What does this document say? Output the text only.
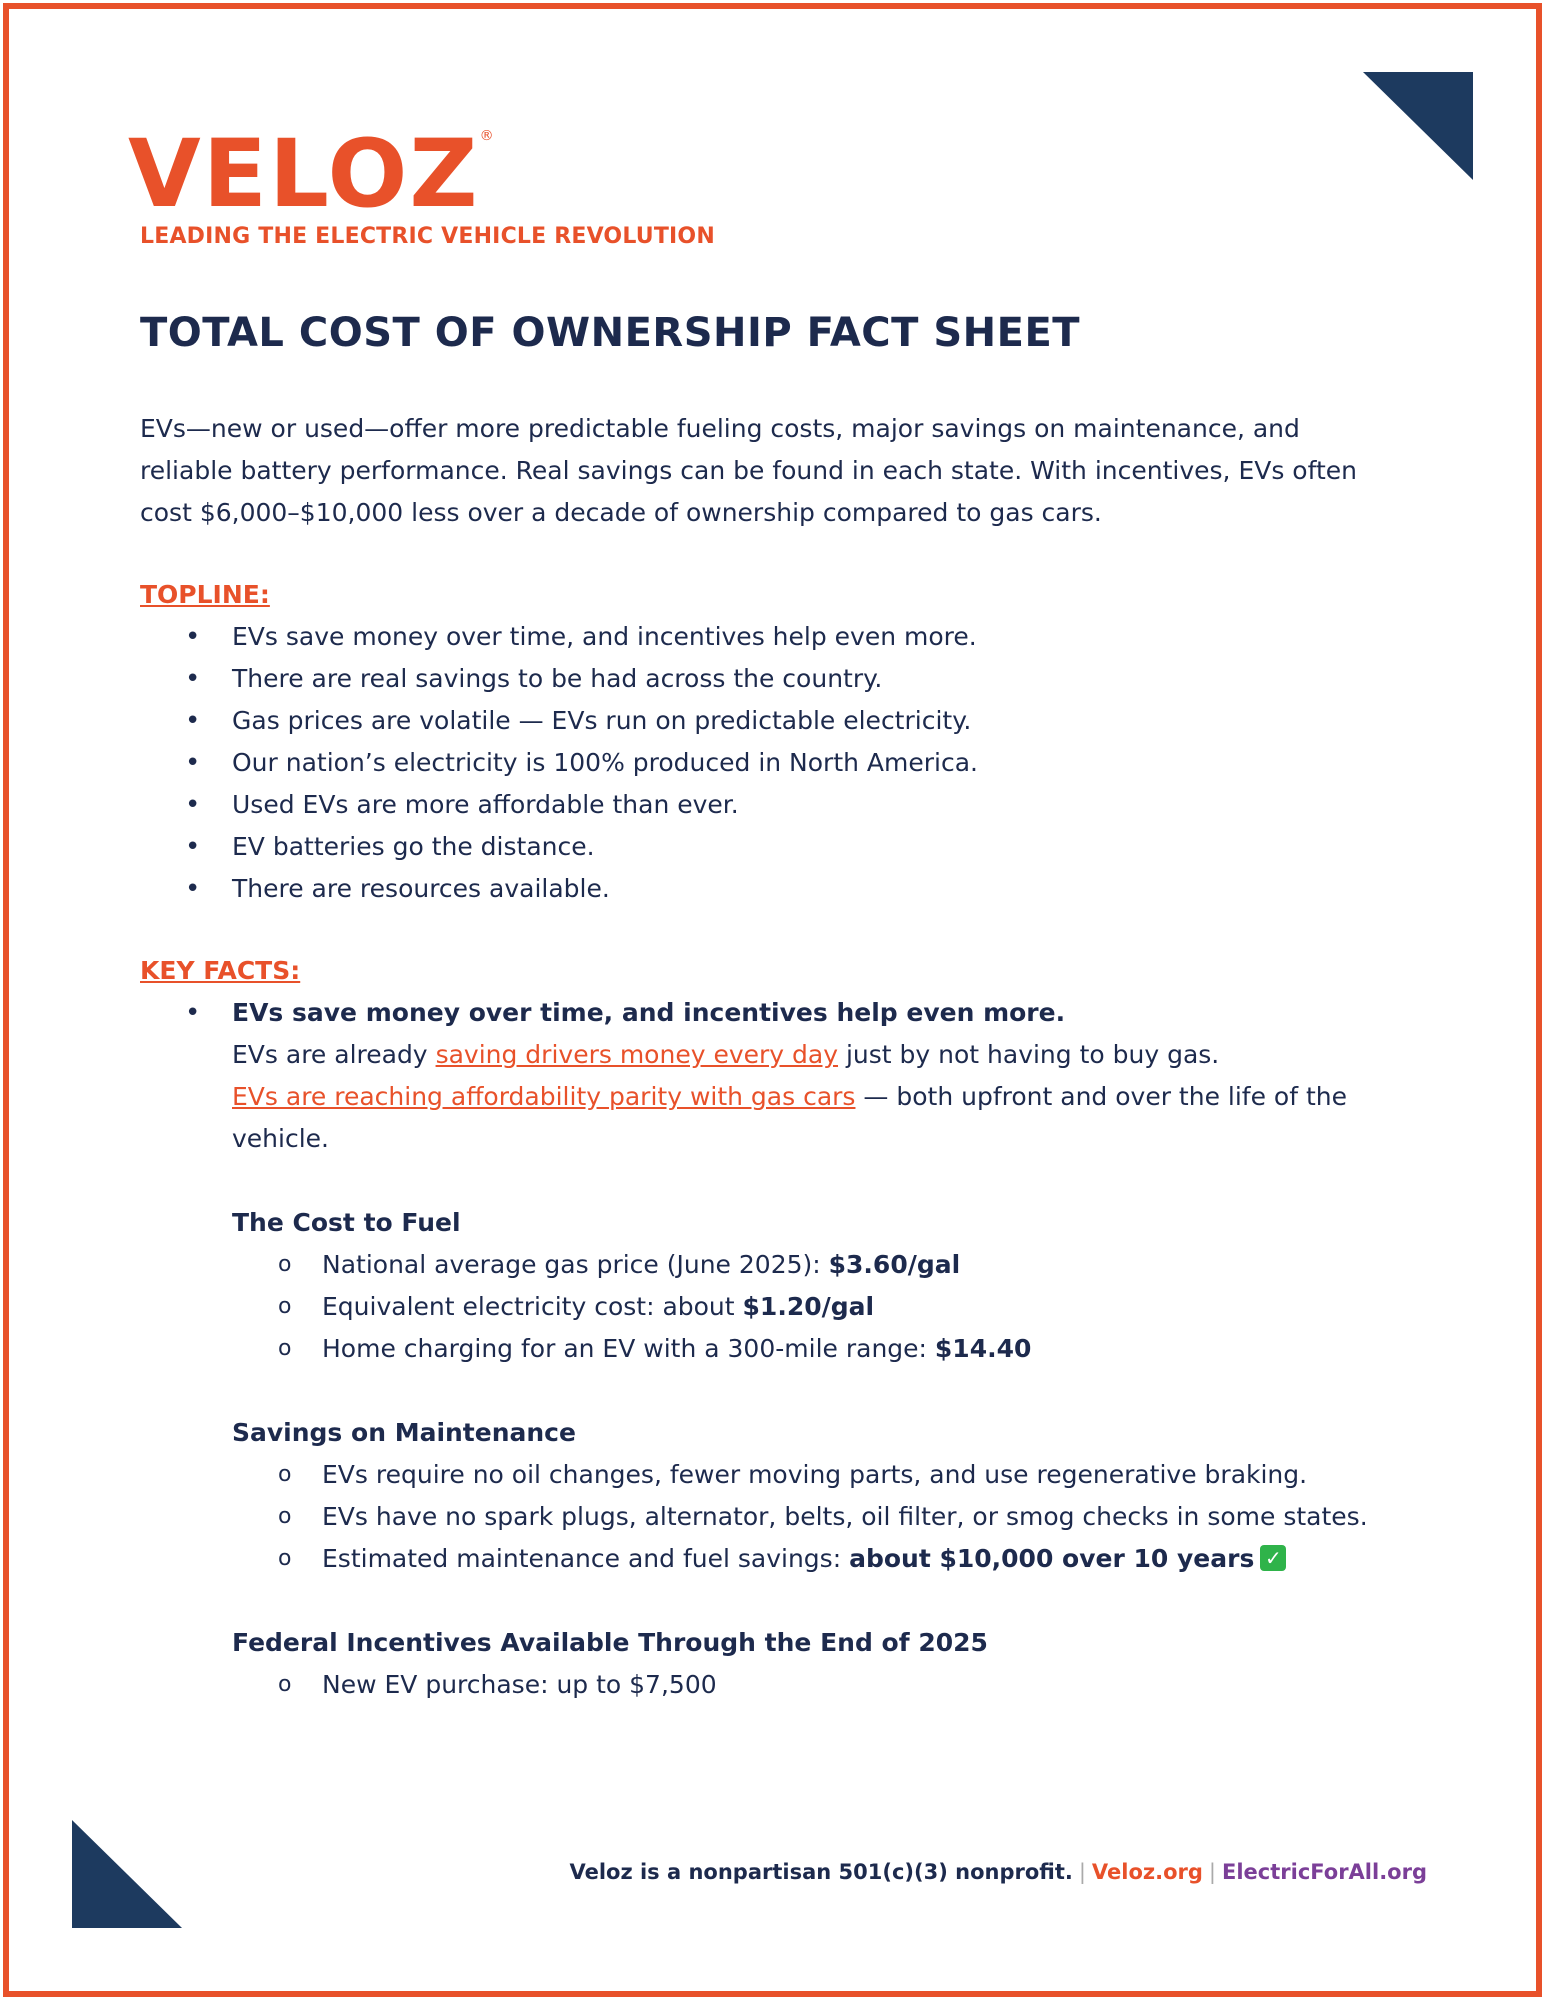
VELOZ®
LEADING THE ELECTRIC VEHICLE REVOLUTION
TOTAL COST OF OWNERSHIP FACT SHEET

EVs—new or used—offer more predictable fueling costs, major savings on maintenance, and reliable battery performance. Real savings can be found in each state. With incentives, EVs often cost $6,000–$10,000 less over a decade of ownership compared to gas cars.

TOPLINE:
• EVs save money over time, and incentives help even more.
• There are real savings to be had across the country.
• Gas prices are volatile — EVs run on predictable electricity.
• Our nation’s electricity is 100% produced in North America.
• Used EVs are more affordable than ever.
• EV batteries go the distance.
• There are resources available.
KEY FACTS:
• EVs save money over time, and incentives help even more.
EVs are already saving drivers money every day just by not having to buy gas.
EVs are reaching affordability parity with gas cars — both upfront and over the life of the vehicle.
The Cost to Fuel
o National average gas price (June 2025): $3.60/gal
o Equivalent electricity cost: about $1.20/gal
o Home charging for an EV with a 300-mile range: $14.40
Savings on Maintenance
o EVs require no oil changes, fewer moving parts, and use regenerative braking.
o EVs have no spark plugs, alternator, belts, oil filter, or smog checks in some states.
o Estimated maintenance and fuel savings: about $10,000 over 10 years ✓
Federal Incentives Available Through the End of 2025
o New EV purchase: up to $7,500
Veloz is a nonpartisan 501(c)(3) nonprofit. | Veloz.org | ElectricForAll.org
